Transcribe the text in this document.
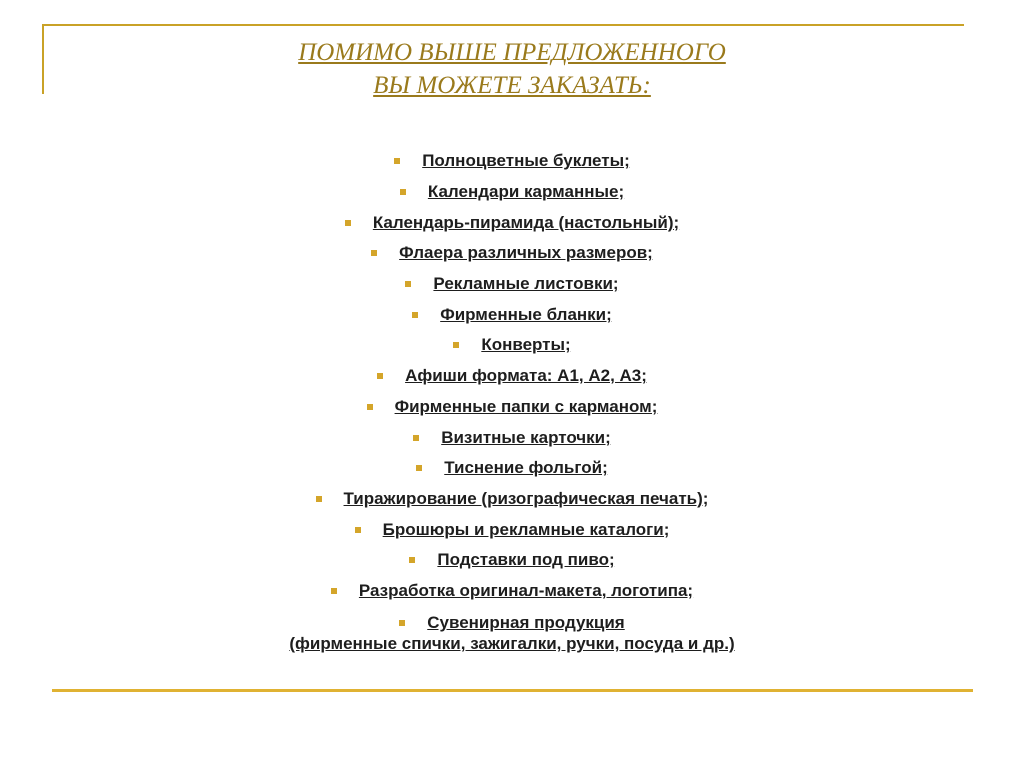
ПОМИМО ВЫШЕ ПРЕДЛОЖЕННОГО
ВЫ МОЖЕТЕ ЗАКАЗАТЬ:
Полноцветные буклеты;
Календари карманные;
Календарь-пирамида (настольный);
Флаера различных размеров;
Рекламные листовки;
Фирменные бланки;
Конверты;
Афиши формата: А1, А2, А3;
Фирменные папки с карманом;
Визитные карточки;
Тиснение фольгой;
Тиражирование (ризографическая печать);
Брошюры и рекламные каталоги;
Подставки под пиво;
Разработка оригинал-макета, логотипа;
Сувенирная продукция
(фирменные спички, зажигалки, ручки, посуда и др.)
